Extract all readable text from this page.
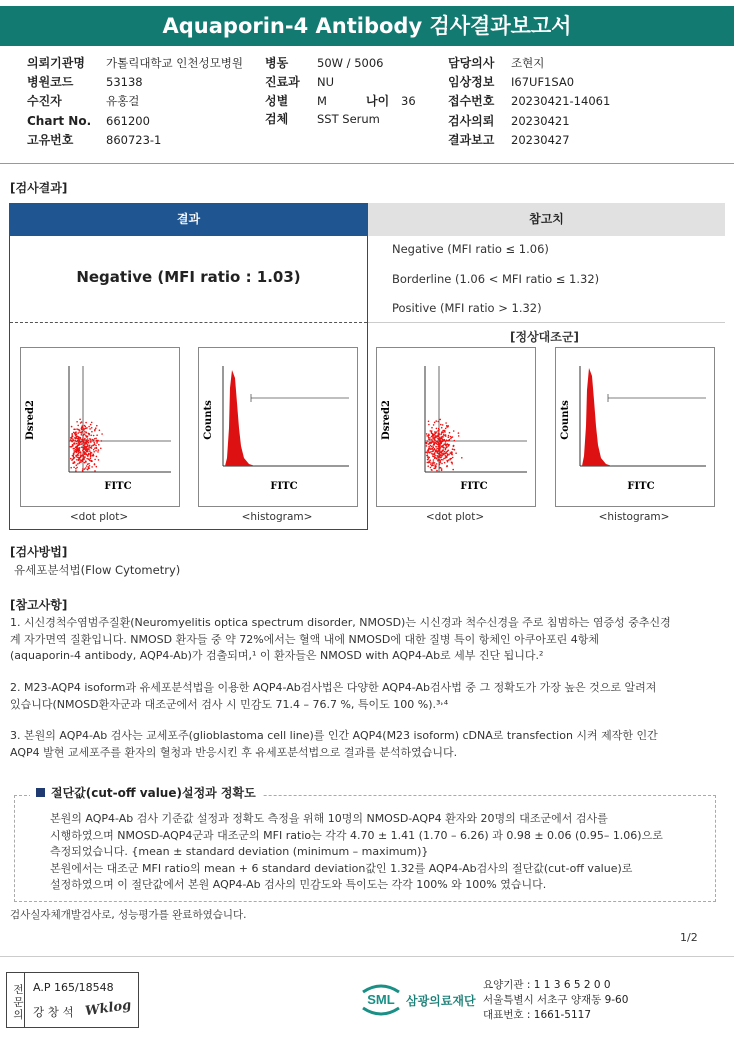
Aquaporin-4 Antibody 검사결과보고서
의뢰기관명 가톨릭대학교 인천성모병원 병동	50W / 5006	담당의사 조현지
병원코드	53138	진료과 NU	임상정보 I67UF1SA0
수진자	유홍걸	성별	M	나이 36	접수번호 20230421-14061
Chart No. 661200	검체	SST Serum	검사의뢰 20230421
고유번호	860723-1	결과보고 20230427
[검사결과]
결과	참고치
Negative (MFI ratio : 1.03)
Negative (MFI ratio ≤ 1.06)
Borderline (1.06 < MFI ratio ≤ 1.32)
Positive (MFI ratio > 1.32)
[정상대조군]
Dsred2
FITC
<dot plot>
Counts
FITC
<histogram>
Dsred2
FITC
<dot plot>
Counts
FITC
<histogram>
[검사방법]
유세포분석법(Flow Cytometry)
[참고사항]
1. 시신경척수염범주질환(Neuromyelitis optica spectrum disorder, NMOSD)는 시신경과 척수신경을 주로 침범하는 염증성 중추신경
계 자가면역 질환입니다. NMOSD 환자들 중 약 72%에서는 혈액 내에 NMOSD에 대한 질병 특이 항체인 아쿠아포린 4항체
(aquaporin-4 antibody, AQP4-Ab)가 검출되며,¹ 이 환자들은 NMOSD with AQP4-Ab로 세부 진단 됩니다.²
2. M23-AQP4 isoform과 유세포분석법을 이용한 AQP4-Ab검사법은 다양한 AQP4-Ab검사법 중 그 정확도가 가장 높은 것으로 알려져
있습니다(NMOSD환자군과 대조군에서 검사 시 민감도 71.4 – 76.7 %, 특이도 100 %).³˒⁴
3. 본원의 AQP4-Ab 검사는 교세포주(glioblastoma cell line)를 인간 AQP4(M23 isoform) cDNA로 transfection 시켜 제작한 인간
AQP4 발현 교세포주를 환자의 혈청과 반응시킨 후 유세포분석법으로 결과를 분석하였습니다.
절단값(cut-off value)설정과 정확도
본원의 AQP4-Ab 검사 기준값 설정과 정확도 측정을 위해 10명의 NMOSD-AQP4 환자와 20명의 대조군에서 검사를
시행하였으며 NMOSD-AQP4군과 대조군의 MFI ratio는 각각 4.70 ± 1.41 (1.70 – 6.26) 과 0.98 ± 0.06 (0.95– 1.06)으로
측정되었습니다. {mean ± standard deviation (minimum – maximum)}
본원에서는 대조군 MFI ratio의 mean + 6 standard deviation값인 1.32를 AQP4-Ab검사의 절단값(cut-off value)로
설정하였으며 이 절단값에서 본원 AQP4-Ab 검사의 민감도와 특이도는 각각 100% 와 100% 였습니다.
검사실자체개발검사로, 성능평가를 완료하였습니다.
1/2
전문의 A.P 165/18548
강 창 석 Wklog	SML 삼광의료재단
요양기관 : 1 1 3 6 5 2 0 0
서울특별시 서초구 양재동 9-60
대표번호 : 1661-5117
